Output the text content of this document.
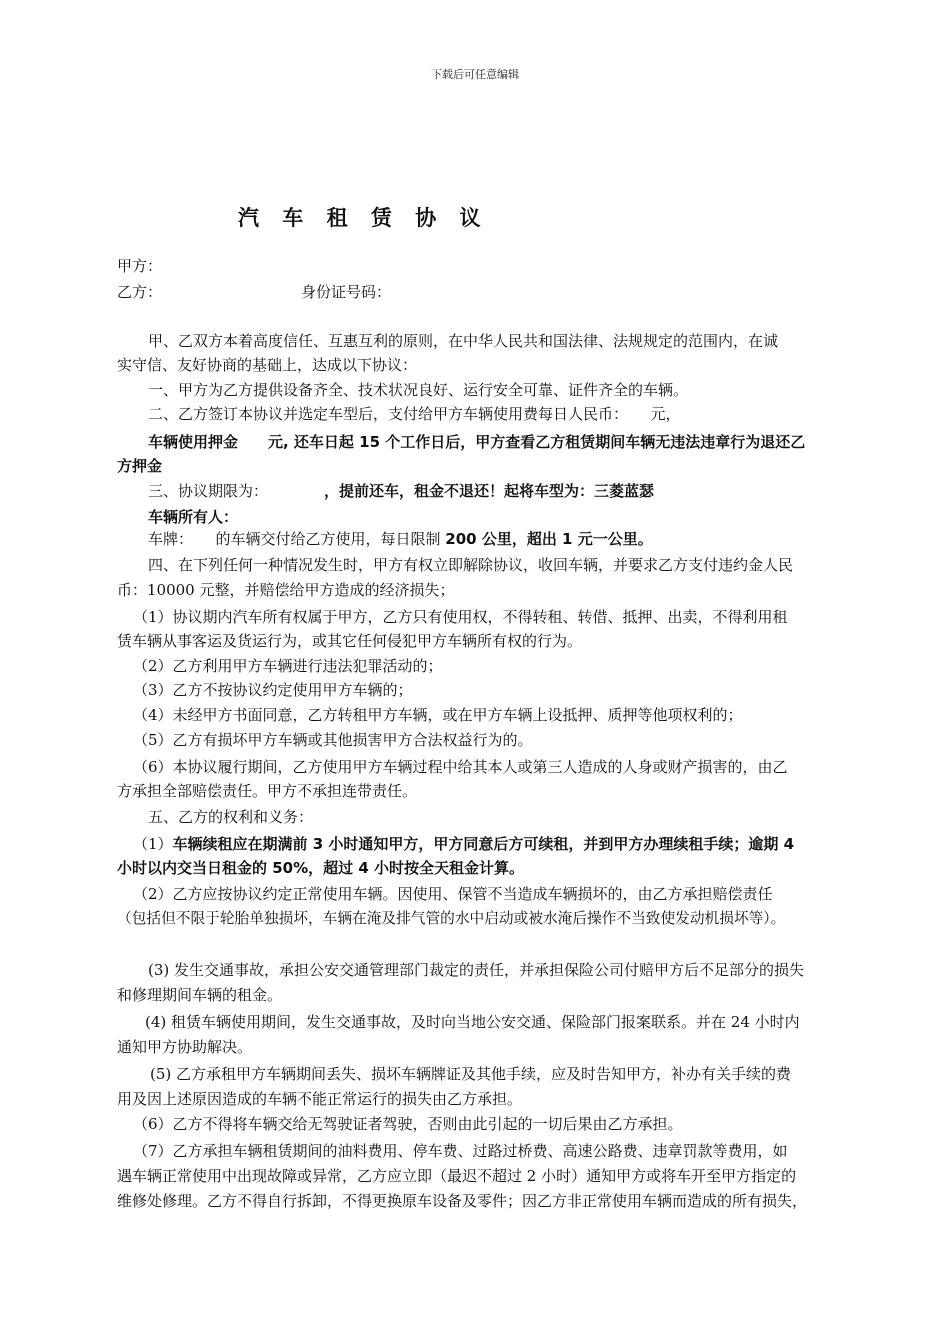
下载后可任意编辑
汽 车 租 赁 协 议
甲方：
乙方：	身份证号码：
甲、乙双方本着高度信任、互惠互利的原则，在中华人民共和国法律、法规规定的范围内，在诚
实守信、友好协商的基础上，达成以下协议：
一、甲方为乙方提供设备齐全、技术状况良好、运行安全可靠、证件齐全的车辆。
二、乙方签订本协议并选定车型后，支付给甲方车辆使用费每日人民币：　　元，
车辆使用押金　　元, 还车日起 15 个工作日后，甲方查看乙方租赁期间车辆无违法违章行为退还乙
方押金
三、协议期限为：	，提前还车，租金不退还！起将车型为：三菱蓝瑟
车辆所有人：
车牌：　　的车辆交付给乙方使用，每日限制 200 公里，超出 1 元一公里。
四、在下列任何一种情况发生时，甲方有权立即解除协议，收回车辆，并要求乙方支付违约金人民
币：10000 元整，并赔偿给甲方造成的经济损失；
（1）协议期内汽车所有权属于甲方，乙方只有使用权，不得转租、转借、抵押、出卖，不得利用租
赁车辆从事客运及货运行为，或其它任何侵犯甲方车辆所有权的行为。
（2）乙方利用甲方车辆进行违法犯罪活动的；
（3）乙方不按协议约定使用甲方车辆的；
（4）未经甲方书面同意，乙方转租甲方车辆，或在甲方车辆上设抵押、质押等他项权利的；
（5）乙方有损坏甲方车辆或其他损害甲方合法权益行为的。
（6）本协议履行期间，乙方使用甲方车辆过程中给其本人或第三人造成的人身或财产损害的，由乙
方承担全部赔偿责任。甲方不承担连带责任。
五、乙方的权利和义务：
（1）车辆续租应在期满前 3 小时通知甲方，甲方同意后方可续租，并到甲方办理续租手续；逾期 4
小时以内交当日租金的 50%，超过 4 小时按全天租金计算。
（2）乙方应按协议约定正常使用车辆。因使用、保管不当造成车辆损坏的，由乙方承担赔偿责任
（包括但不限于轮胎单独损坏，车辆在淹及排气管的水中启动或被水淹后操作不当致使发动机损坏等）。
(3) 发生交通事故，承担公安交通管理部门裁定的责任，并承担保险公司付赔甲方后不足部分的损失
和修理期间车辆的租金。
(4) 租赁车辆使用期间，发生交通事故，及时向当地公安交通、保险部门报案联系。并在 24 小时内
通知甲方协助解决。
(5) 乙方承租甲方车辆期间丢失、损坏车辆牌证及其他手续，应及时告知甲方，补办有关手续的费
用及因上述原因造成的车辆不能正常运行的损失由乙方承担。
（6）乙方不得将车辆交给无驾驶证者驾驶，否则由此引起的一切后果由乙方承担。
（7）乙方承担车辆租赁期间的油料费用、停车费、过路过桥费、高速公路费、违章罚款等费用，如
遇车辆正常使用中出现故障或异常，乙方应立即（最迟不超过 2 小时）通知甲方或将车开至甲方指定的
维修处修理。乙方不得自行拆卸，不得更换原车设备及零件；因乙方非正常使用车辆而造成的所有损失，
